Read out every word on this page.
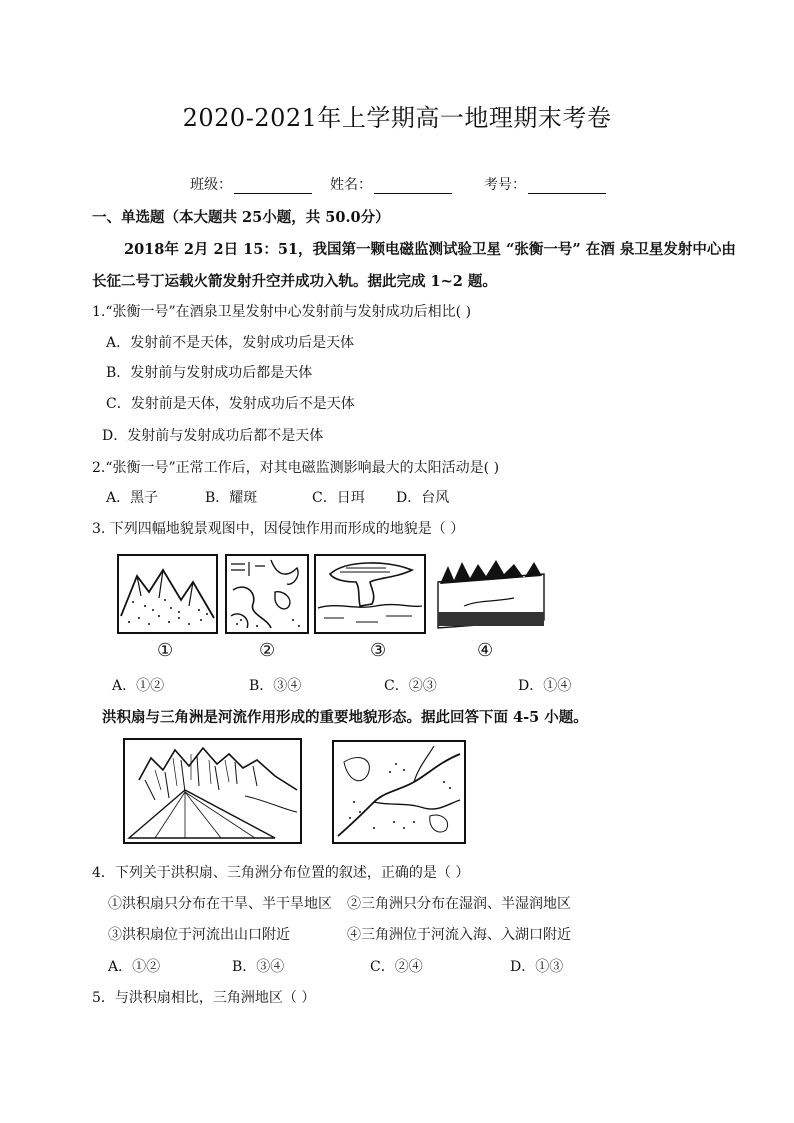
2020-2021年上学期高一地理期末考卷
班级：	姓名：	考号：
一、单选题（本大题共 25小题，共 50.0分）
2018年 2月 2日 15：51，我国第一颗电磁监测试验卫星 “张衡一号” 在酒 泉卫星发射中心由
长征二号丁运载火箭发射升空并成功入轨。据此完成 1~2 题。
1.“张衡一号”在酒泉卫星发射中心发射前与发射成功后相比( )
A．发射前不是天体，发射成功后是天体
B．发射前与发射成功后都是天体
C．发射前是天体，发射成功后不是天体
D．发射前与发射成功后都不是天体
2.“张衡一号”正常工作后，对其电磁监测影响最大的太阳活动是( )
A．黑子	B．耀斑	C．日珥 D．台风
3. 下列四幅地貌景观图中，因侵蚀作用而形成的地貌是（ ）
①	②	③	④
A．①②	B．③④	C．②③	D．①④
洪积扇与三角洲是河流作用形成的重要地貌形态。据此回答下面 4-5 小题。
4．下列关于洪积扇、三角洲分布位置的叙述，正确的是（ ）
①洪积扇只分布在干旱、半干旱地区 ②三角洲只分布在湿润、半湿润地区
③洪积扇位于河流出山口附近	④三角洲位于河流入海、入湖口附近
A．①②	B．③④	C．②④	D．①③
5．与洪积扇相比，三角洲地区（ ）
